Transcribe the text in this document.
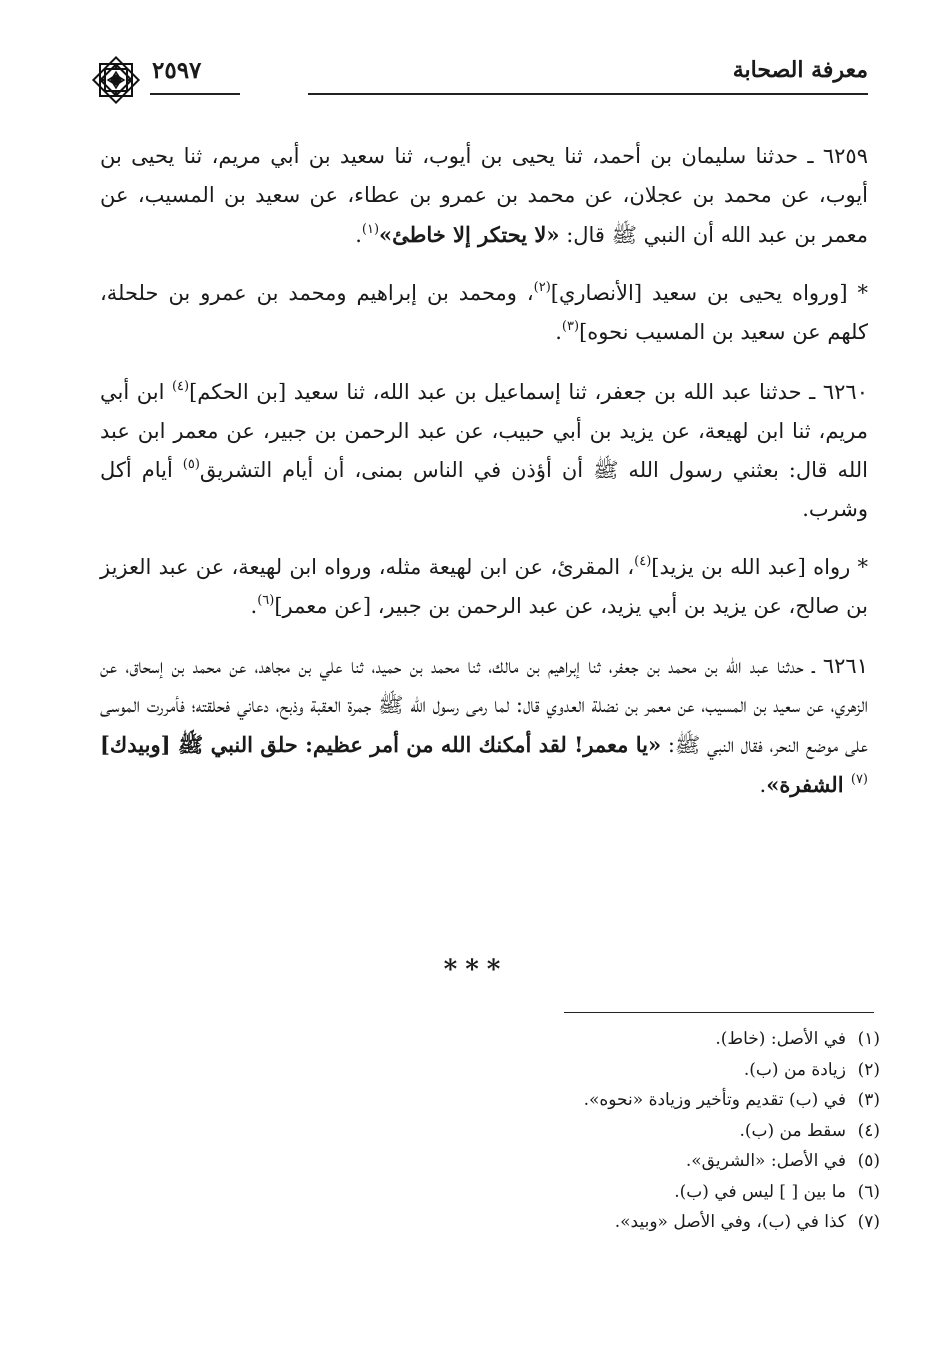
معرفة الصحابة
٢٥٩٧

٦٢٥٩ ـ حدثنا سليمان بن أحمد، ثنا يحيى بن أيوب، ثنا سعيد بن أبي مريم، ثنا يحيى بن أيوب، عن محمد بن عجلان، عن محمد بن عمرو بن عطاء، عن سعيد بن المسيب، عن معمر بن عبد الله أن النبي ﷺ قال: «لا يحتكر إلا خاطئ»$^{(١)}$.

* [ورواه يحيى بن سعيد [الأنصاري]$^{(٢)}$، ومحمد بن إبراهيم ومحمد بن عمرو بن حلحلة، كلهم عن سعيد بن المسيب نحوه]$^{(٣)}$.

٦٢٦٠ ـ حدثنا عبد الله بن جعفر، ثنا إسماعيل بن عبد الله، ثنا سعيد [بن الحكم]$^{(٤)}$ ابن أبي مريم، ثنا ابن لهيعة، عن يزيد بن أبي حبيب، عن عبد الرحمن بن جبير، عن معمر ابن عبد الله قال: بعثني رسول الله ﷺ أن أؤذن في الناس بمنى، أن أيام التشريق$^{(٥)}$ أيام أكل وشرب.

* رواه [عبد الله بن يزيد]$^{(٤)}$، المقرئ، عن ابن لهيعة مثله، ورواه ابن لهيعة، عن عبد العزيز بن صالح، عن يزيد بن أبي يزيد، عن عبد الرحمن بن جبير، [عن معمر]$^{(٦)}$.

٦٢٦١ ـ حدثنا عبد الله بن محمد بن جعفر، ثنا إبراهيم بن مالك، ثنا محمد بن حميد، ثنا علي بن مجاهد، عن محمد بن إسحاق، عن الزهري، عن سعيد بن المسيب، عن معمر بن نضلة العدوي قال: لما رمى رسول الله ﷺ جمرة العقبة وذبح، دعاني فحلقته؛ فأمررت الموسى على موضع النحر، فقال النبي ﷺ: «يا معمر! لقد أمكنك الله من أمر عظيم: حلق النبي ﷺ [وبيدك]$^{(٧)}$ الشفرة».

***
(١)في الأصل: (خاط).
(٢)زيادة من (ب).
(٣)في (ب) تقديم وتأخير وزيادة «نحوه».
(٤)سقط من (ب).
(٥)في الأصل: «الشريق».
(٦)ما بين [ ] ليس في (ب).
(٧)كذا في (ب)، وفي الأصل «وبيد».
